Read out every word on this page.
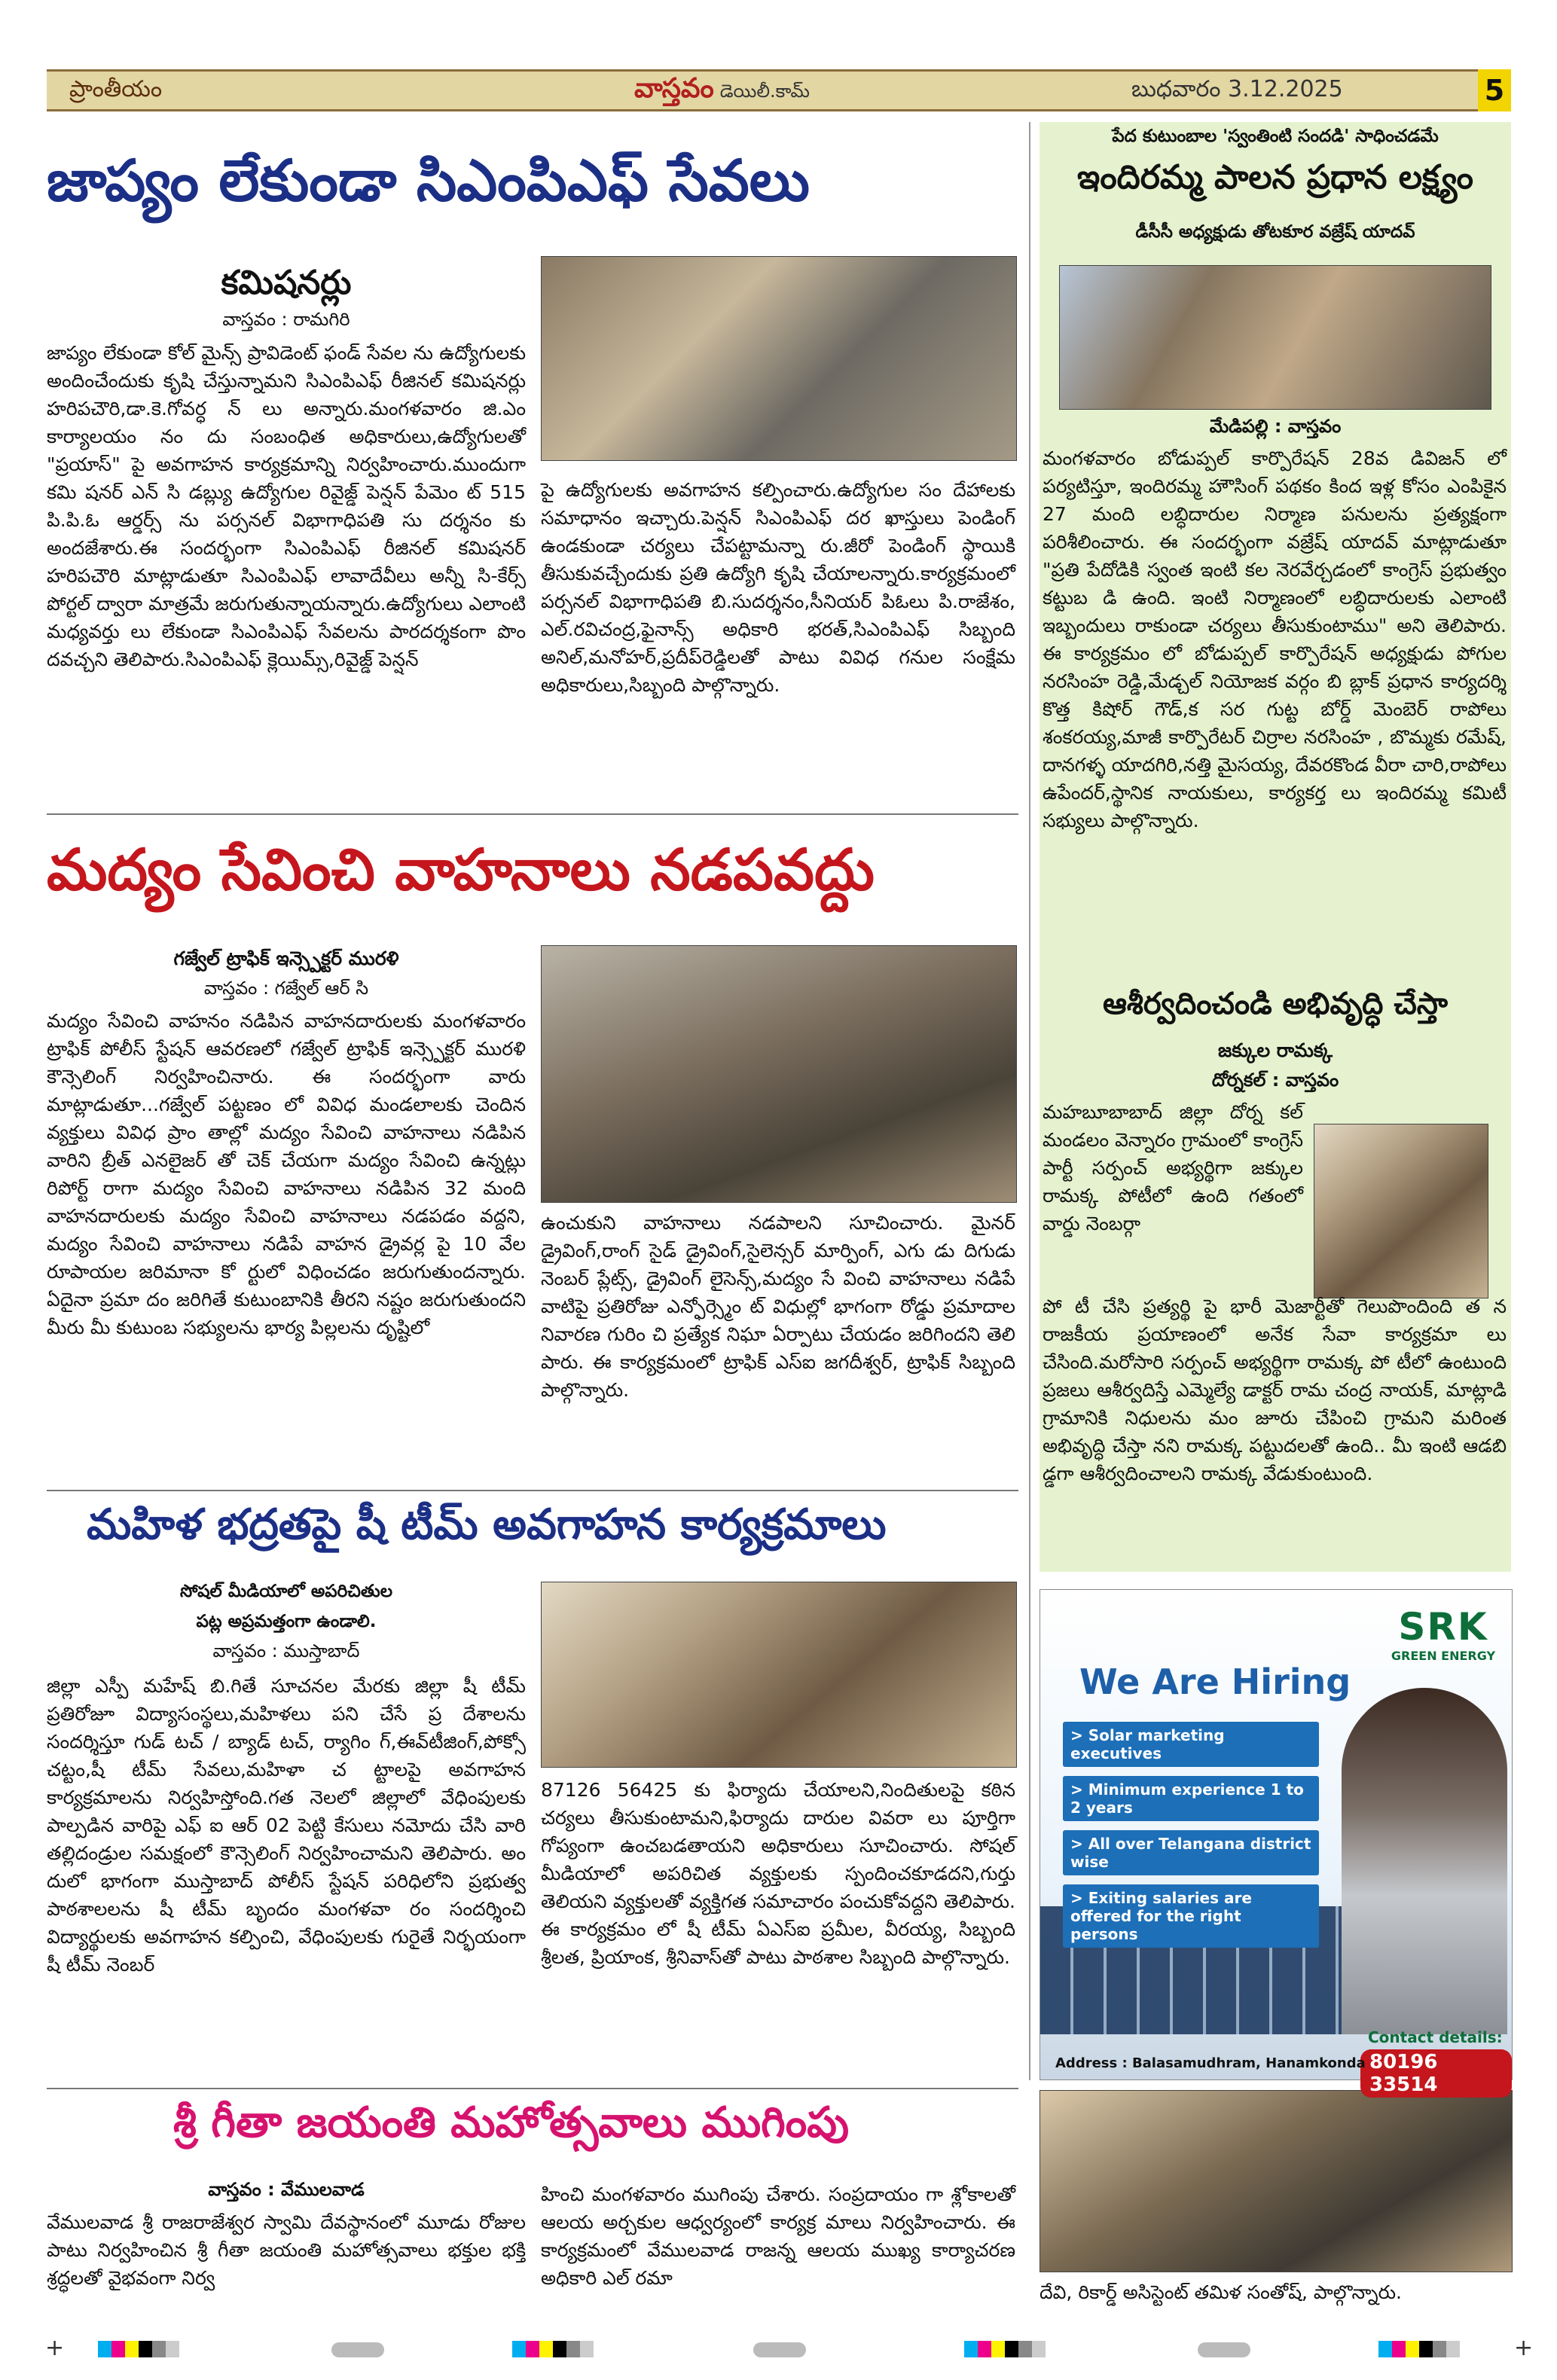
ప్రాంతీయం	వాస్తవం డెయిలీ.కామ్	బుధవారం 3.12.2025	5
జాప్యం లేకుండా సిఎంపిఎఫ్ సేవలు
కమిషనర్లు
వాస్తవం : రామగిరి

జాప్యం లేకుండా కోల్ మైన్స్ ప్రావిడెంట్ ఫండ్ సేవల ను ఉద్యోగులకు అందించేందుకు కృషి చేస్తున్నామని సిఎంపిఎఫ్ రీజినల్ కమిషనర్లు హరిపచౌరి,డా.కె.గోవర్ధ న్ లు అన్నారు.మంగళవారం జి.ఎం కార్యాలయం నం దు సంబంధిత అధికారులు,ఉద్యోగులతో "ప్రయాస్" పై అవగాహన కార్యక్రమాన్ని నిర్వహించారు.ముందుగా కమి షనర్ ఎన్ సి డబ్ల్యు ఉద్యోగుల రివైజ్డ్ పెన్షన్ పేమెం ట్ 515 పి.పి.ఓ ఆర్డర్స్ ను పర్సనల్ విభాగాధిపతి సు దర్శనం కు అందజేశారు.ఈ సందర్భంగా సిఎంపిఎఫ్ రీజినల్ కమిషనర్ హరిపచౌరి మాట్లాడుతూ సిఎంపిఎఫ్ లావాదేవీలు అన్నీ సి-కేర్స్ పోర్టల్ ద్వారా మాత్రమే జరుగుతున్నాయన్నారు.ఉద్యోగులు ఎలాంటి మధ్యవర్తు లు లేకుండా సిఎంపిఎఫ్ సేవలను పారదర్శకంగా పొం దవచ్చని తెలిపారు.సిఎంపిఎఫ్ క్లెయిమ్స్,రివైజ్డ్ పెన్షన్

పై ఉద్యోగులకు అవగాహన కల్పించారు.ఉద్యోగుల సం దేహాలకు సమాధానం ఇచ్చారు.పెన్షన్ సిఎంపిఎఫ్ దర ఖాస్తులు పెండింగ్ ఉండకుండా చర్యలు చేపట్టామన్నా రు.జీరో పెండింగ్ స్థాయికి తీసుకువచ్చేందుకు ప్రతి ఉద్యోగి కృషి చేయాలన్నారు.కార్యక్రమంలో పర్సనల్ విభాగాధిపతి బి.సుదర్శనం,సీనియర్ పిఓలు పి.రాజేశం, ఎల్.రవిచంద్ర,ఫైనాన్స్ అధికారి భరత్,సిఎంపిఎఫ్ సిబ్బంది అనిల్,మనోహర్,ప్రదీప్‌రెడ్డిలతో పాటు వివిధ గనుల సంక్షేమ అధికారులు,సిబ్బంది పాల్గొన్నారు.

మద్యం సేవించి వాహనాలు నడపవద్దు
గజ్వేల్ ట్రాఫిక్ ఇన్స్పెక్టర్ మురళి
వాస్తవం : గజ్వేల్ ఆర్ సి

మద్యం సేవించి వాహనం నడిపిన వాహనదారులకు మంగళవారం ట్రాఫిక్ పోలీస్ స్టేషన్ ఆవరణలో గజ్వేల్ ట్రాఫిక్ ఇన్స్పెక్టర్ మురళి కౌన్సెలింగ్ నిర్వహించినారు. ఈ సందర్భంగా వారు మాట్లాడుతూ...గజ్వేల్ పట్టణం లో వివిధ మండలాలకు చెందిన వ్యక్తులు వివిధ ప్రాం తాల్లో మద్యం సేవించి వాహనాలు నడిపిన వారిని బ్రీత్ ఎనలైజర్ తో చెక్ చేయగా మద్యం సేవించి ఉన్నట్లు రిపోర్ట్ రాగా మద్యం సేవించి వాహనాలు నడిపిన 32 మంది వాహనదారులకు మద్యం సేవించి వాహనాలు నడపడం వద్దని, మద్యం సేవించి వాహనాలు నడిపే వాహన డ్రైవర్ల పై 10 వేల రూపాయల జరిమానా కో ర్టులో విధించడం జరుగుతుందన్నారు. ఏదైనా ప్రమా దం జరిగితే కుటుంబానికి తీరని నష్టం జరుగుతుందని మీరు మీ కుటుంబ సభ్యులను భార్య పిల్లలను దృష్టిలో

ఉంచుకుని వాహనాలు నడపాలని సూచించారు. మైనర్ డ్రైవింగ్,రాంగ్ సైడ్ డ్రైవింగ్,సైలెన్సర్ మార్పింగ్, ఎగు డు దిగుడు నెంబర్ ప్లేట్స్, డ్రైవింగ్ లైసెన్స్,మద్యం సే వించి వాహనాలు నడిపే వాటిపై ప్రతిరోజు ఎన్ఫోర్స్మెం ట్ విధుల్లో భాగంగా రోడ్డు ప్రమాదాల నివారణ గురిం చి ప్రత్యేక నిఘా ఏర్పాటు చేయడం జరిగిందని తెలి పారు. ఈ కార్యక్రమంలో ట్రాఫిక్ ఎస్ఐ జగదీశ్వర్, ట్రాఫిక్ సిబ్బంది పాల్గొన్నారు.

మహిళ భద్రతపై షీ టీమ్ అవగాహన కార్యక్రమాలు
సోషల్ మీడియాలో అపరిచితుల
పట్ల అప్రమత్తంగా ఉండాలి.
వాస్తవం : ముస్తాబాద్

జిల్లా ఎస్పీ మహేష్ బి.గితే సూచనల మేరకు జిల్లా షీ టీమ్ ప్రతిరోజూ విద్యాసంస్థలు,మహిళలు పని చేసే ప్ర దేశాలను సందర్శిస్తూ గుడ్ టచ్ / బ్యాడ్ టచ్, ర్యాగిం గ్,ఈవ్‌టీజింగ్,పోక్సో చట్టం,షీ టీమ్ సేవలు,మహిళా చ ట్టాలపై అవగాహన కార్యక్రమాలను నిర్వహిస్తోంది.గత నెలలో జిల్లాలో వేధింపులకు పాల్పడిన వారిపై ఎఫ్ ఐ ఆర్ 02 పెట్టి కేసులు నమోదు చేసి వారి తల్లిదండ్రుల సమక్షంలో కౌన్సెలింగ్ నిర్వహించామని తెలిపారు. అం దులో భాగంగా ముస్తాబాద్ పోలీస్ స్టేషన్ పరిధిలోని ప్రభుత్వ పాఠశాలలను షీ టీమ్ బృందం మంగళవా రం సందర్శించి విద్యార్థులకు అవగాహన కల్పించి, వేధింపులకు గురైతే నిర్భయంగా షీ టీమ్ నెంబర్

87126 56425 కు ఫిర్యాదు చేయాలని,నిందితులపై కఠిన చర్యలు తీసుకుంటామని,ఫిర్యాదు దారుల వివరా లు పూర్తిగా గోప్యంగా ఉంచబడతాయని అధికారులు సూచించారు. సోషల్ మీడియాలో అపరిచిత వ్యక్తులకు స్పందించకూడదని,గుర్తు తెలియని వ్యక్తులతో వ్యక్తిగత సమాచారం పంచుకోవద్దని తెలిపారు. ఈ కార్యక్రమం లో షీ టీమ్ ఏఎస్ఐ ప్రమీల, వీరయ్య, సిబ్బంది శ్రీలత, ప్రియాంక, శ్రీనివాస్‌తో పాటు పాఠశాల సిబ్బంది పాల్గొన్నారు.

శ్రీ గీతా జయంతి మహోత్సవాలు ముగింపు
వాస్తవం : వేములవాడ

వేములవాడ శ్రీ రాజరాజేశ్వర స్వామి దేవస్థానంలో మూడు రోజుల పాటు నిర్వహించిన శ్రీ గీతా జయంతి మహోత్సవాలు భక్తుల భక్తి శ్రద్ధలతో వైభవంగా నిర్వ

హించి మంగళవారం ముగింపు చేశారు. సంప్రదాయం గా శ్లోకాలతో ఆలయ అర్చకుల ఆధ్వర్యంలో కార్యక్ర మాలు నిర్వహించారు. ఈ కార్యక్రమంలో వేములవాడ రాజన్న ఆలయ ముఖ్య కార్యాచరణ అధికారి ఎల్ రమా

దేవి, రికార్డ్ అసిస్టెంట్ తమిళ సంతోష్, పాల్గొన్నారు.

పేద కుటుంబాల 'స్వంతింటి సందడి' సాధించడమే
ఇందిరమ్మ పాలన ప్రధాన లక్ష్యం
డీసీసీ అధ్యక్షుడు తోటకూర వజ్రేష్ యాదవ్
మేడిపల్లి : వాస్తవం

మంగళవారం బోడుప్పల్ కార్పొరేషన్ 28వ డివిజన్ లో పర్యటిస్తూ, ఇందిరమ్మ హౌసింగ్ పథకం కింద ఇళ్ల కోసం ఎంపికైన 27 మంది లబ్ధిదారుల నిర్మాణ పనులను ప్రత్యక్షంగా పరిశీలించారు. ఈ సందర్భంగా వజ్రేష్ యాదవ్ మాట్లాడుతూ "ప్రతి పేదోడికి స్వంత ఇంటి కల నెరవేర్చడంలో కాంగ్రెస్ ప్రభుత్వం కట్టుబ డి ఉంది. ఇంటి నిర్మాణంలో లబ్ధిదారులకు ఎలాంటి ఇబ్బందులు రాకుండా చర్యలు తీసుకుంటాము" అని తెలిపారు. ఈ కార్యక్రమం లో బోడుప్పల్ కార్పొరేషన్ అధ్యక్షుడు పోగుల నరసింహ రెడ్డి,మేడ్చల్ నియోజక వర్గం బి బ్లాక్ ప్రధాన కార్యదర్శి కొత్త కిషోర్ గౌడ్,క సర గుట్ట బోర్డ్ మెంబెర్ రాపోలు శంకరయ్య,మాజీ కార్పొరేటర్ చిర్రాల నరసింహ , బొమ్మకు రమేష్, దానగళ్ళ యాదగిరి,నత్తి మైసయ్య, దేవరకొండ వీరా చారి,రాపోలు ఉపేందర్,స్థానిక నాయకులు, కార్యకర్త లు ఇందిరమ్మ కమిటీ సభ్యులు పాల్గొన్నారు.

ఆశీర్వదించండి అభివృద్ధి చేస్తా
జక్కుల రామక్క
దోర్నకల్ : వాస్తవం

మహబూబాబాద్ జిల్లా దోర్న కల్ మండలం వెన్నారం గ్రామంలో కాంగ్రెస్ పార్టీ సర్పంచ్ అభ్యర్థిగా జక్కుల రామక్క పోటీలో ఉంది గతంలో వార్డు నెంబర్గా

పో టీ చేసి ప్రత్యర్థి పై భారీ మెజార్టీతో గెలుపొందింది త న రాజకీయ ప్రయాణంలో అనేక సేవా కార్యక్రమా లు చేసింది.మరోసారి సర్పంచ్ అభ్యర్థిగా రామక్క పో టీలో ఉంటుంది ప్రజలు ఆశీర్వదిస్తే ఎమ్మెల్యే డాక్టర్ రామ చంద్ర నాయక్, మాట్లాడి గ్రామానికి నిధులను మం జూరు చేపించి గ్రామని మరింత అభివృద్ధి చేస్తా నని రామక్క పట్టుదలతో ఉంది.. మీ ఇంటి ఆడబి డ్డగా ఆశీర్వదించాలని రామక్క వేడుకుంటుంది.

SRK
GREEN ENERGY
We Are Hiring
> Solar marketing executives
> Minimum experience 1 to 2 years
> All over Telangana district wise
> Exiting salaries are offered for the right persons
Contact details:
80196 33514
Address : Balasamudhram, Hanamkonda
+	+
